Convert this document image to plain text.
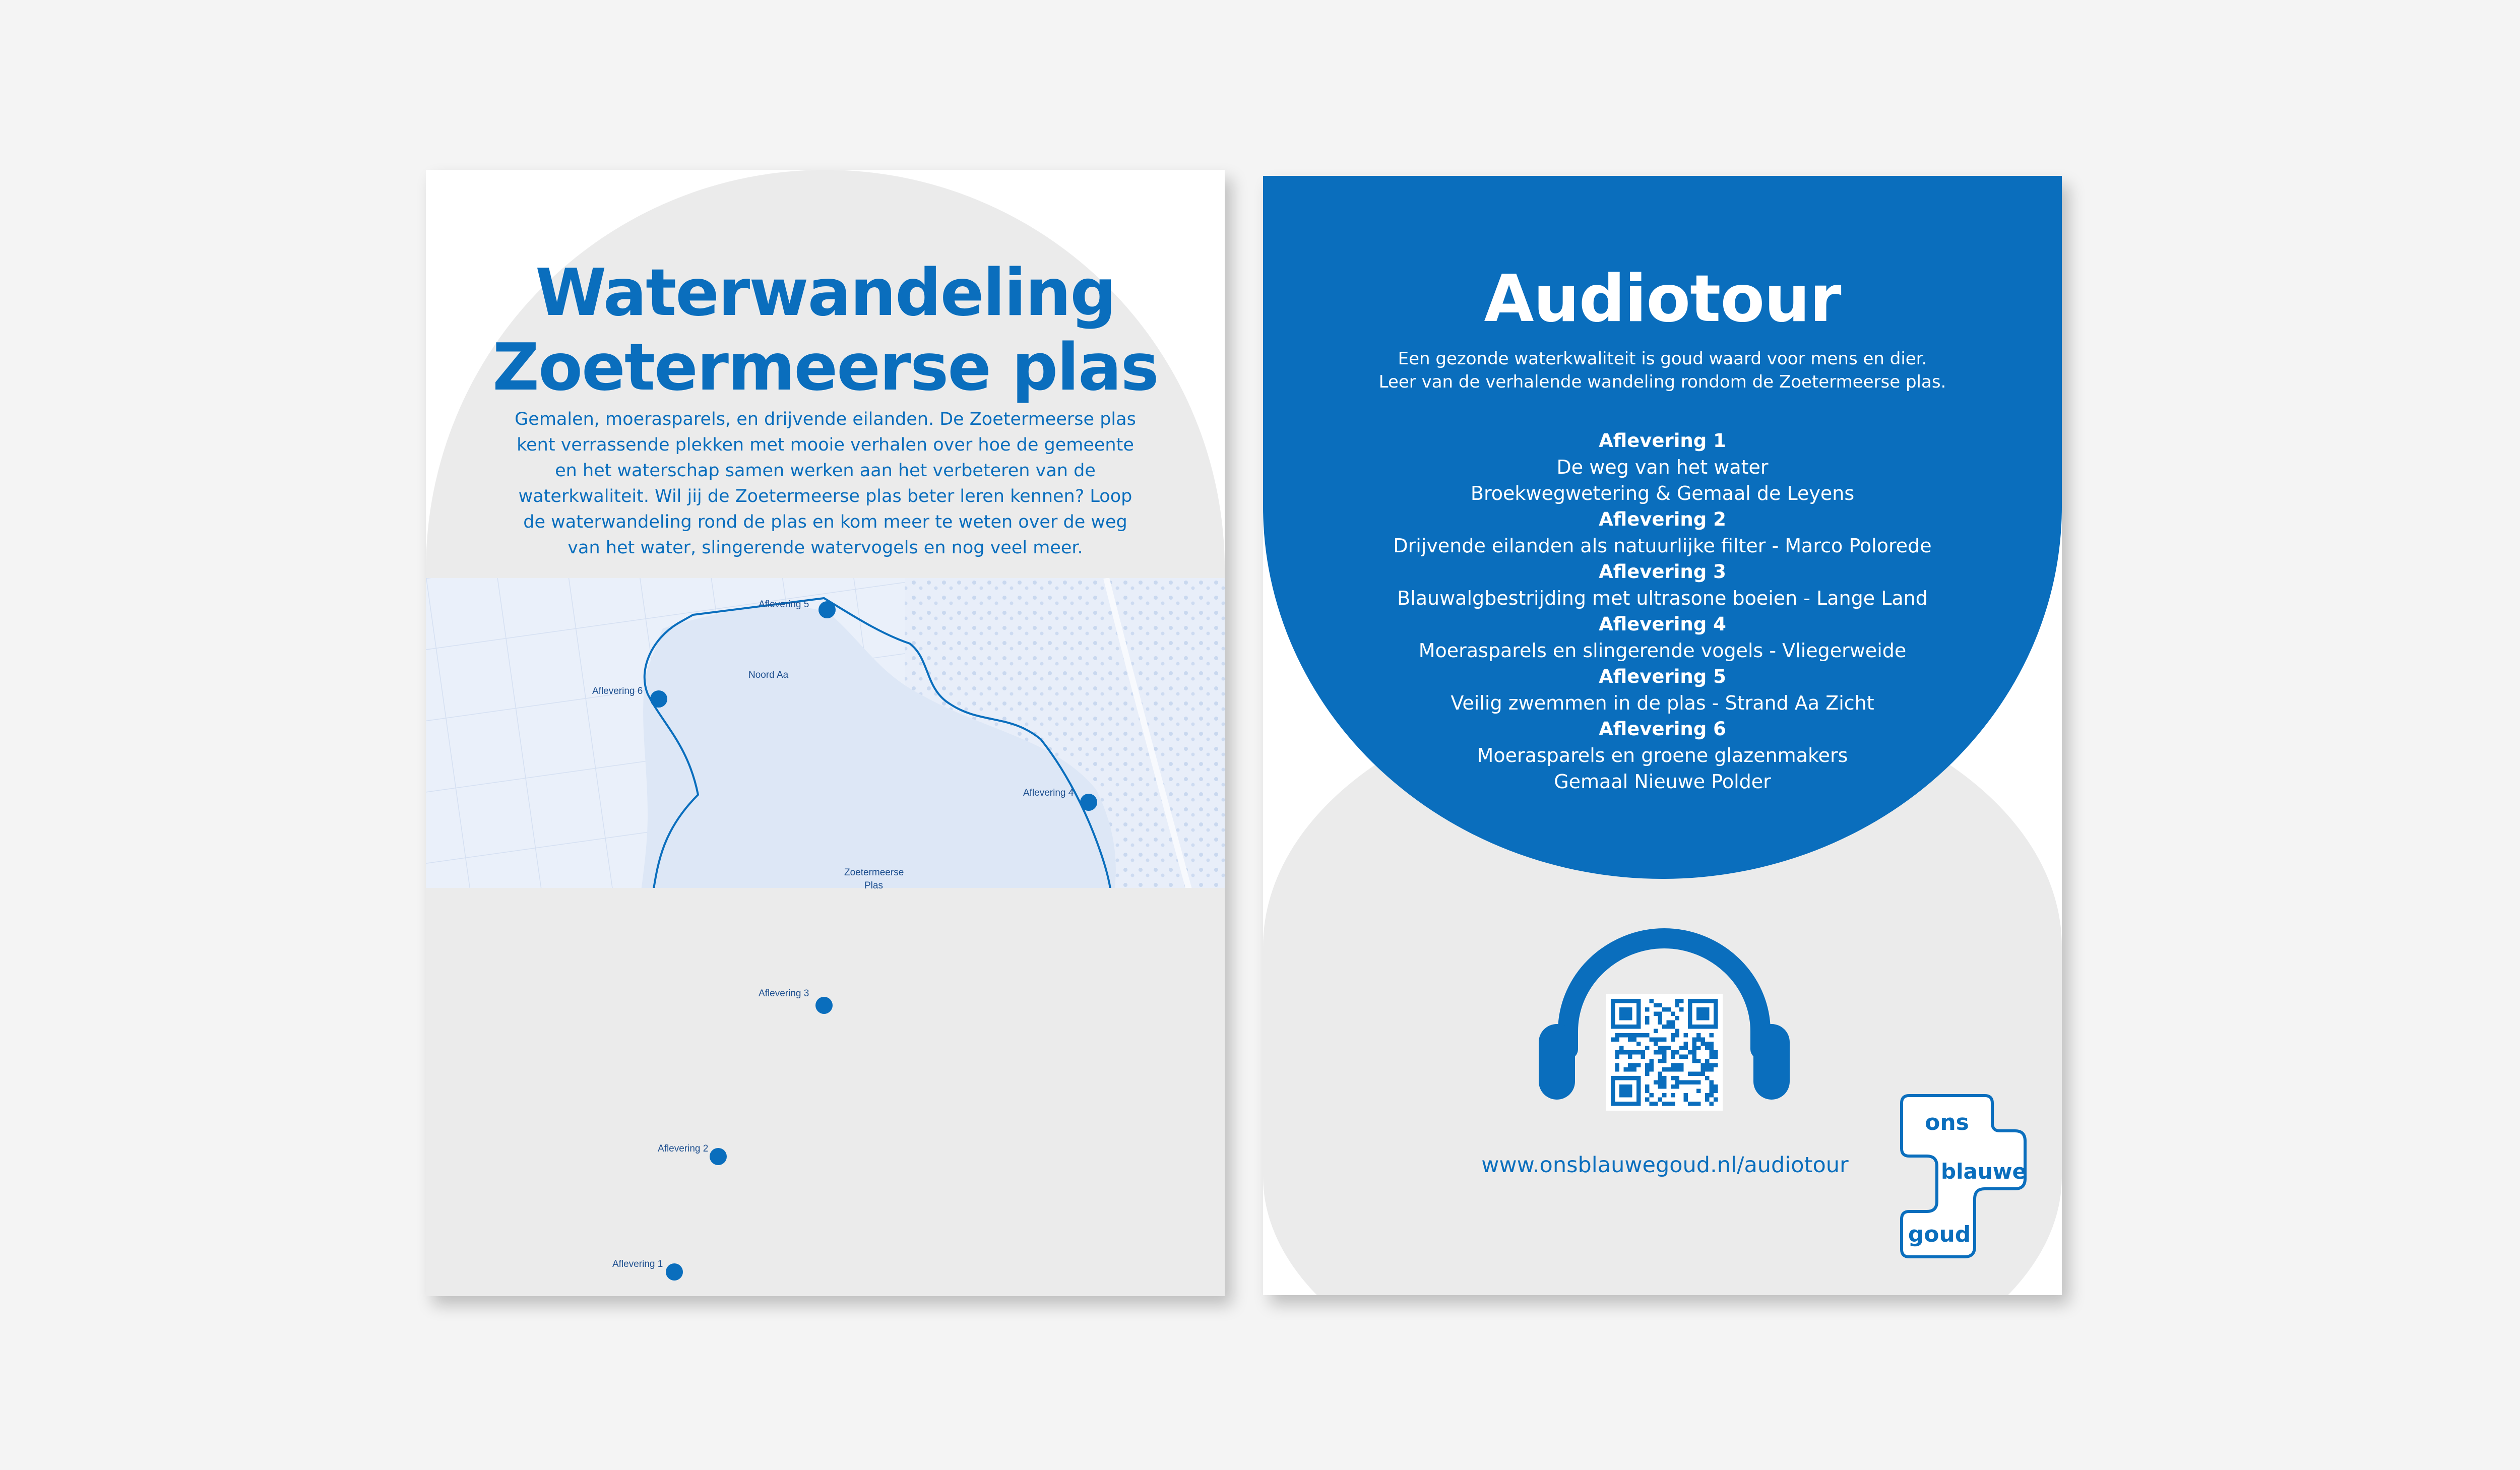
Waterwandeling
Zoetermeerse plas
Gemalen, moerasparels, en drijvende eilanden. De Zoetermeerse plas kent verrassende plekken met mooie verhalen over hoe de gemeente en het waterschap samen werken aan het verbeteren van de waterkwaliteit. Wil jij de Zoetermeerse plas beter leren kennen? Loop de waterwandeling rond de plas en kom meer te weten over de weg van het water, slingerende watervogels en nog veel meer.
Noord Aa
Zoetermeerse
Plas
Aflevering 1
Aflevering 2
Aflevering 3
Aflevering 4
Aflevering 5
Aflevering 6
Audiotour
Een gezonde waterkwaliteit is goud waard voor mens en dier.
Leer van de verhalende wandeling rondom de Zoetermeerse plas.
Aflevering 1
De weg van het water
Broekwegwetering & Gemaal de Leyens
Aflevering 2
Drijvende eilanden als natuurlijke filter - Marco Polorede
Aflevering 3
Blauwalgbestrijding met ultrasone boeien - Lange Land
Aflevering 4
Moerasparels en slingerende vogels - Vliegerweide
Aflevering 5
Veilig zwemmen in de plas - Strand Aa Zicht
Aflevering 6
Moerasparels en groene glazenmakers
Gemaal Nieuwe Polder
www.onsblauwegoud.nl/audiotour
ons
blauwe
goud
